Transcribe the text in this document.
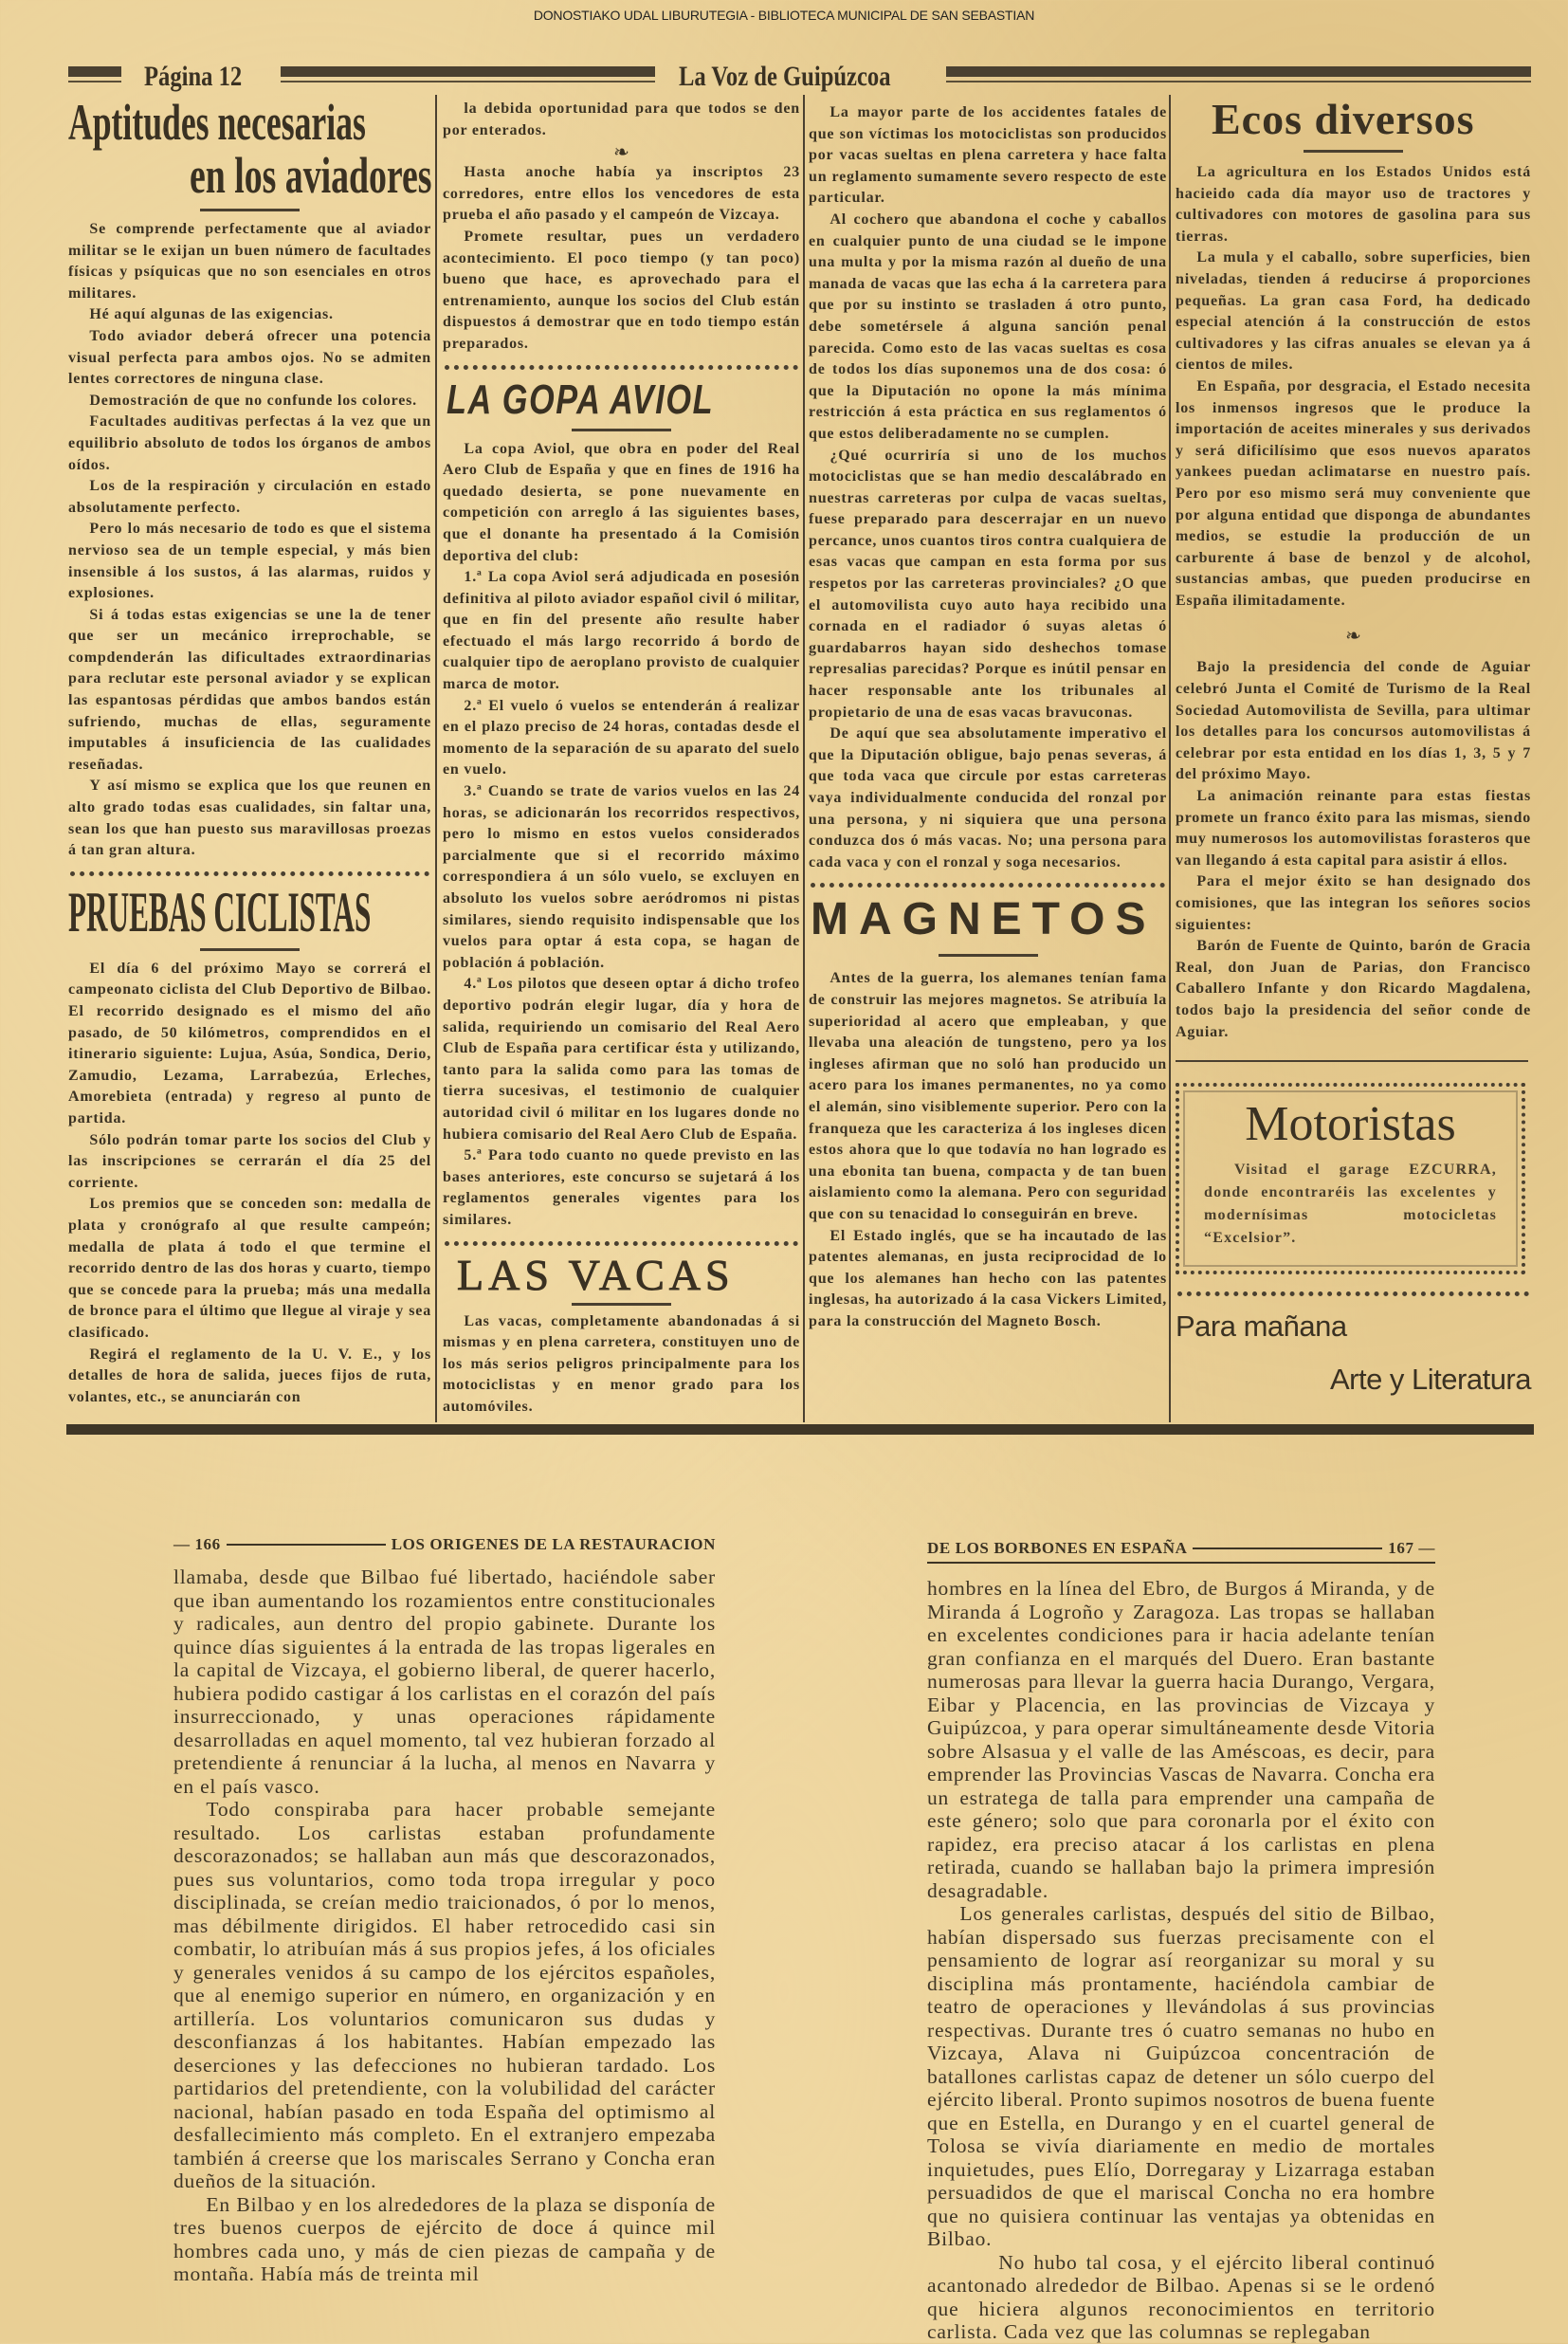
DONOSTIAKO UDAL LIBURUTEGIA - BIBLIOTECA MUNICIPAL DE SAN SEBASTIAN
Página 12	La Voz de Guipúzcoa
Aptitudes necesarias
en los aviadores

Se comprende perfectamente que al aviador militar se le exijan un buen número de facultades físicas y psíquicas que no son esenciales en otros militares.

Hé aquí algunas de las exigencias.

Todo aviador deberá ofrecer una potencia visual perfecta para ambos ojos. No se admiten lentes correctores de ninguna clase.

Demostración de que no confunde los colores.

Facultades auditivas perfectas á la vez que un equilibrio absoluto de todos los órganos de ambos oídos.

Los de la respiración y circulación en estado absolutamente perfecto.

Pero lo más necesario de todo es que el sistema nervioso sea de un temple especial, y más bien insensible á los sustos, á las alarmas, ruidos y explosiones.

Si á todas estas exigencias se une la de tener que ser un mecánico irreprochable, se compdenderán las dificultades extraordinarias para reclutar este personal aviador y se explican las espantosas pérdidas que ambos bandos están sufriendo, muchas de ellas, seguramente imputables á insuficiencia de las cualidades reseñadas.

Y así mismo se explica que los que reunen en alto grado todas esas cualidades, sin faltar una, sean los que han puesto sus maravillosas proezas á tan gran altura.

PRUEBAS CICLISTAS

El día 6 del próximo Mayo se correrá el campeonato ciclista del Club Deportivo de Bilbao. El recorrido designado es el mismo del año pasado, de 50 kilómetros, comprendidos en el itinerario siguiente: Lujua, Asúa, Sondica, Derio, Zamudio, Lezama, Larrabezúa, Erleches, Amorebieta (entrada) y regreso al punto de partida.

Sólo podrán tomar parte los socios del Club y las inscripciones se cerrarán el día 25 del corriente.

Los premios que se conceden son: medalla de plata y cronógrafo al que resulte campeón; medalla de plata á todo el que termine el recorrido dentro de las dos horas y cuarto, tiempo que se concede para la prueba; más una medalla de bronce para el último que llegue al viraje y sea clasificado.

Regirá el reglamento de la U. V. E., y los detalles de hora de salida, jueces fijos de ruta, volantes, etc., se anunciarán con

la debida oportunidad para que todos se den por enterados.

❧

Hasta anoche había ya inscriptos 23 corredores, entre ellos los vencedores de esta prueba el año pasado y el campeón de Vizcaya.

Promete resultar, pues un verdadero acontecimiento. El poco tiempo (y tan poco) bueno que hace, es aprovechado para el entrenamiento, aunque los socios del Club están dispuestos á demostrar que en todo tiempo están preparados.

LA GOPA AVIOL

La copa Aviol, que obra en poder del Real Aero Club de España y que en fines de 1916 ha quedado desierta, se pone nuevamente en competición con arreglo á las siguientes bases, que el donante ha presentado á la Comisión deportiva del club:

1.ª La copa Aviol será adjudicada en posesión definitiva al piloto aviador español civil ó militar, que en fin del presente año resulte haber efectuado el más largo recorrido á bordo de cualquier tipo de aeroplano provisto de cualquier marca de motor.

2.ª El vuelo ó vuelos se entenderán á realizar en el plazo preciso de 24 horas, contadas desde el momento de la separación de su aparato del suelo en vuelo.

3.ª Cuando se trate de varios vuelos en las 24 horas, se adicionarán los recorridos respectivos, pero lo mismo en estos vuelos considerados parcialmente que si el recorrido máximo correspondiera á un sólo vuelo, se excluyen en absoluto los vuelos sobre aeródromos ni pistas similares, siendo requisito indispensable que los vuelos para optar á esta copa, se hagan de población á población.

4.ª Los pilotos que deseen optar á dicho trofeo deportivo podrán elegir lugar, día y hora de salida, requiriendo un comisario del Real Aero Club de España para certificar ésta y utilizando, tanto para la salida como para las tomas de tierra sucesivas, el testimonio de cualquier autoridad civil ó militar en los lugares donde no hubiera comisario del Real Aero Club de España.

5.ª Para todo cuanto no quede previsto en las bases anteriores, este concurso se sujetará á los reglamentos generales vigentes para los similares.

LAS VACAS

Las vacas, completamente abandonadas á si mismas y en plena carretera, constituyen uno de los más serios peligros principalmente para los motociclistas y en menor grado para los automóviles.

La mayor parte de los accidentes fatales de que son víctimas los motociclistas son producidos por vacas sueltas en plena carretera y hace falta un reglamento sumamente severo respecto de este particular.

Al cochero que abandona el coche y caballos en cualquier punto de una ciudad se le impone una multa y por la misma razón al dueño de una manada de vacas que las echa á la carretera para que por su instinto se trasladen á otro punto, debe sometérsele á alguna sanción penal parecida. Como esto de las vacas sueltas es cosa de todos los días suponemos una de dos cosa: ó que la Diputación no opone la más mínima restricción á esta práctica en sus reglamentos ó que estos deliberadamente no se cumplen.

¿Qué ocurriría si uno de los muchos motociclistas que se han medio descalábrado en nuestras carreteras por culpa de vacas sueltas, fuese preparado para descerrajar en un nuevo percance, unos cuantos tiros contra cualquiera de esas vacas que campan en esta forma por sus respetos por las carreteras provinciales? ¿O que el automovilista cuyo auto haya recibido una cornada en el radiador ó suyas aletas ó guardabarros hayan sido deshechos tomase represalias parecidas? Porque es inútil pensar en hacer responsable ante los tribunales al propietario de una de esas vacas bravuconas.

De aquí que sea absolutamente imperativo el que la Diputación obligue, bajo penas severas, á que toda vaca que circule por estas carreteras vaya individualmente conducida del ronzal por una persona, y ni siquiera que una persona conduzca dos ó más vacas. No; una persona para cada vaca y con el ronzal y soga necesarios.

MAGNETOS

Antes de la guerra, los alemanes tenían fama de construir las mejores magnetos. Se atribuía la superioridad al acero que empleaban, y que llevaba una aleación de tungsteno, pero ya los ingleses afirman que no soló han producido un acero para los imanes permanentes, no ya como el alemán, sino visiblemente superior. Pero con la franqueza que les caracteriza á los ingleses dicen estos ahora que lo que todavía no han logrado es una ebonita tan buena, compacta y de tan buen aislamiento como la alemana. Pero con seguridad que con su tenacidad lo conseguirán en breve.

El Estado inglés, que se ha incautado de las patentes alemanas, en justa reciprocidad de lo que los alemanes han hecho con las patentes inglesas, ha autorizado á la casa Vickers Limited, para la construcción del Magneto Bosch.

Ecos diversos

La agricultura en los Estados Unidos está hacieido cada día mayor uso de tractores y cultivadores con motores de gasolina para sus tierras.

La mula y el caballo, sobre superficies, bien niveladas, tienden á reducirse á proporciones pequeñas. La gran casa Ford, ha dedicado especial atención á la construcción de estos cultivadores y las cifras anuales se elevan ya á cientos de miles.

En España, por desgracia, el Estado necesita los inmensos ingresos que le produce la importación de aceites minerales y sus derivados y será dificilísimo que esos nuevos aparatos yankees puedan aclimatarse en nuestro país. Pero por eso mismo será muy conveniente que por alguna entidad que disponga de abundantes medios, se estudie la producción de un carburente á base de benzol y de alcohol, sustancias ambas, que pueden producirse en España ilimitadamente.

❧

Bajo la presidencia del conde de Aguiar celebró Junta el Comité de Turismo de la Real Sociedad Automovilista de Sevilla, para ultimar los detalles para los concursos automovilistas á celebrar por esta entidad en los días 1, 3, 5 y 7 del próximo Mayo.

La animación reinante para estas fiestas promete un franco éxito para las mismas, siendo muy numerosos los automovilistas forasteros que van llegando á esta capital para asistir á ellos.

Para el mejor éxito se han designado dos comisiones, que las integran los señores socios siguientes:

Barón de Fuente de Quinto, barón de Gracia Real, don Juan de Parias, don Francisco Caballero Infante y don Ricardo Magdalena, todos bajo la presidencia del señor conde de Aguiar.

Motoristas
Visitad el garage EZCURRA, donde encontraréis las excelentes y modernísimas motocicletas “Excelsior”.
Para mañana
Arte y Literatura
— 166	LOS ORIGENES DE LA RESTAURACION

llamaba, desde que Bilbao fué libertado, haciéndole saber que iban aumentando los rozamientos entre constitucionales y radicales, aun dentro del propio gabinete. Durante los quince días siguientes á la entrada de las tropas ligerales en la capital de Vizcaya, el gobierno liberal, de querer hacerlo, hubiera podido castigar á los carlistas en el corazón del país insurreccionado, y unas operaciones rápidamente desarrolladas en aquel momento, tal vez hubieran forzado al pretendiente á renunciar á la lucha, al menos en Navarra y en el país vasco.

Todo conspiraba para hacer probable semejante resultado. Los carlistas estaban profundamente descorazonados; se hallaban aun más que descorazonados, pues sus voluntarios, como toda tropa irregular y poco disciplinada, se creían medio traicionados, ó por lo menos, mas débilmente dirigidos. El haber retrocedido casi sin combatir, lo atribuían más á sus propios jefes, á los oficiales y generales venidos á su campo de los ejércitos españoles, que al enemigo superior en número, en organización y en artillería. Los voluntarios comunicaron sus dudas y desconfianzas á los habitantes. Habían empezado las deserciones y las defecciones no hubieran tardado. Los partidarios del pretendiente, con la volubilidad del carácter nacional, habían pasado en toda España del optimismo al desfallecimiento más completo. En el extranjero empezaba también á creerse que los mariscales Serrano y Concha eran dueños de la situación.

En Bilbao y en los alrededores de la plaza se disponía de tres buenos cuerpos de ejército de doce á quince mil hombres cada uno, y más de cien piezas de campaña y de montaña. Había más de treinta mil

DE LOS BORBONES EN ESPAÑA	167 —

hombres en la línea del Ebro, de Burgos á Miranda, y de Miranda á Logroño y Zaragoza. Las tropas se hallaban en excelentes condiciones para ir hacia adelante tenían gran confianza en el marqués del Duero. Eran bastante numerosas para llevar la guerra hacia Durango, Vergara, Eibar y Placencia, en las provincias de Vizcaya y Guipúzcoa, y para operar simultáneamente desde Vitoria sobre Alsasua y el valle de las Améscoas, es decir, para emprender las Provincias Vascas de Navarra. Concha era un estratega de talla para emprender una campaña de este género; solo que para coronarla por el éxito con rapidez, era preciso atacar á los carlistas en plena retirada, cuando se hallaban bajo la primera impresión desagradable.

Los generales carlistas, después del sitio de Bilbao, habían dispersado sus fuerzas precisamente con el pensamiento de lograr así reorganizar su moral y su disciplina más prontamente, haciéndola cambiar de teatro de operaciones y llevándolas á sus provincias respectivas. Durante tres ó cuatro semanas no hubo en Vizcaya, Alava ni Guipúzcoa concentración de batallones carlistas capaz de detener un sólo cuerpo del ejército liberal. Pronto supimos nosotros de buena fuente que en Estella, en Durango y en el cuartel general de Tolosa se vivía diariamente en medio de mortales inquietudes, pues Elío, Dorregaray y Lizarraga estaban persuadidos de que el mariscal Concha no era hombre que no quisiera continuar las ventajas ya obtenidas en Bilbao.

No hubo tal cosa, y el ejército liberal continuó acantonado alrededor de Bilbao. Apenas si se le ordenó que hiciera algunos reconocimientos en territorio carlista. Cada vez que las columnas se replegaban
